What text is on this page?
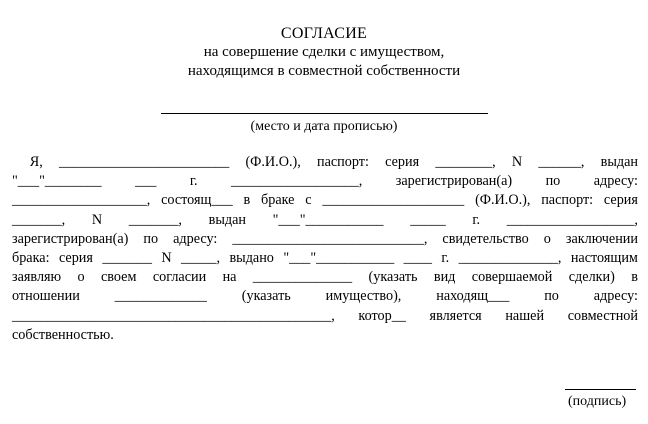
СОГЛАСИЕ
на совершение сделки с имуществом,
находящимся в совместной собственности
(место и дата прописью)
Я, ________________________ (Ф.И.О.), паспорт: серия ________, N ______, выдан
"___"________ ___ г. __________________, зарегистрирован(а) по адресу:
___________________, состоящ___ в браке с ____________________ (Ф.И.О.), паспорт: серия
_______, N _______, выдан "___"___________ _____ г. __________________,
зарегистрирован(а) по адресу: ___________________________, свидетельство о заключении
брака: серия _______ N _____, выдано "___"___________ ____ г. ______________, настоящим
заявляю о своем согласии на ______________ (указать вид совершаемой сделки) в
отношении _____________ (указать имущество), находящ___ по адресу:
_____________________________________________, котор__ является нашей совместной
собственностью.
(подпись)
